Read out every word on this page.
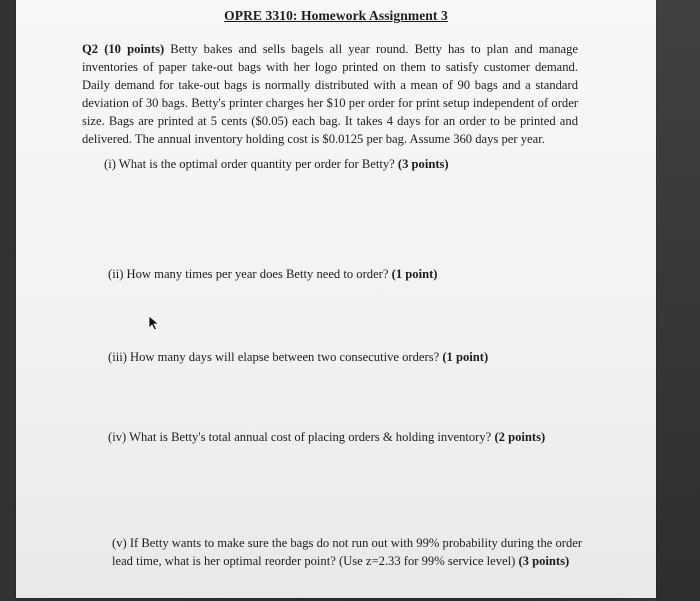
OPRE 3310: Homework Assignment 3
Q2 (10 points) Betty bakes and sells bagels all year round. Betty has to plan and manage inventories of paper take-out bags with her logo printed on them to satisfy customer demand. Daily demand for take-out bags is normally distributed with a mean of 90 bags and a standard deviation of 30 bags. Betty's printer charges her $10 per order for print setup independent of order size. Bags are printed at 5 cents ($0.05) each bag. It takes 4 days for an order to be printed and delivered. The annual inventory holding cost is $0.0125 per bag. Assume 360 days per year.
(i) What is the optimal order quantity per order for Betty? (3 points)
(ii) How many times per year does Betty need to order? (1 point)
(iii) How many days will elapse between two consecutive orders? (1 point)
(iv) What is Betty's total annual cost of placing orders & holding inventory? (2 points)
(v) If Betty wants to make sure the bags do not run out with 99% probability during the order lead time, what is her optimal reorder point? (Use z=2.33 for 99% service level) (3 points)
